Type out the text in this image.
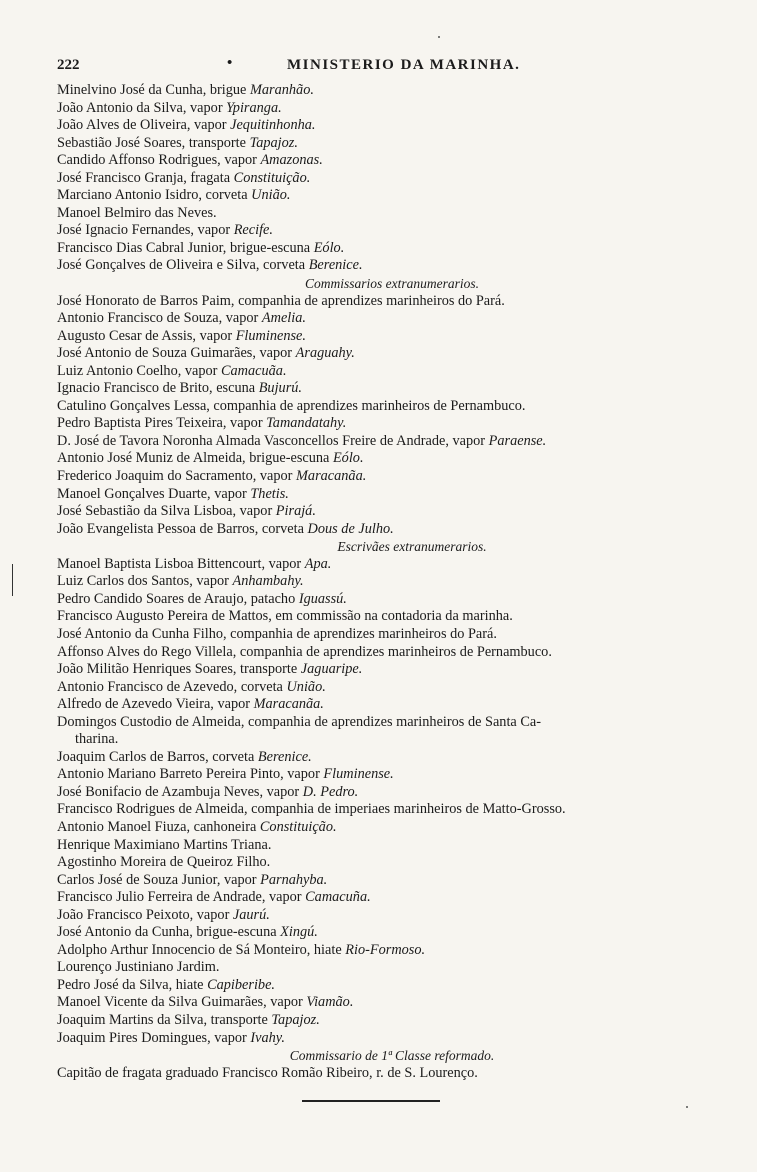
222	•	MINISTERIO DA MARINHA.
Minelvino José da Cunha, brigue Maranhão.
João Antonio da Silva, vapor Ypiranga.
João Alves de Oliveira, vapor Jequitinhonha.
Sebastião José Soares, transporte Tapajoz.
Candido Affonso Rodrigues, vapor Amazonas.
José Francisco Granja, fragata Constituição.
Marciano Antonio Isidro, corveta União.
Manoel Belmiro das Neves.
José Ignacio Fernandes, vapor Recife.
Francisco Dias Cabral Junior, brigue-escuna Eólo.
José Gonçalves de Oliveira e Silva, corveta Berenice.
Commissarios extranumerarios.
José Honorato de Barros Paim, companhia de aprendizes marinheiros do Pará.
Antonio Francisco de Souza, vapor Amelia.
Augusto Cesar de Assis, vapor Fluminense.
José Antonio de Souza Guimarães, vapor Araguahy.
Luiz Antonio Coelho, vapor Camacuãa.
Ignacio Francisco de Brito, escuna Bujurú.
Catulino Gonçalves Lessa, companhia de aprendizes marinheiros de Pernambuco.
Pedro Baptista Pires Teixeira, vapor Tamandatahy.
D. José de Tavora Noronha Almada Vasconcellos Freire de Andrade, vapor Paraense.
Antonio José Muniz de Almeida, brigue-escuna Eólo.
Frederico Joaquim do Sacramento, vapor Maracanãa.
Manoel Gonçalves Duarte, vapor Thetis.
José Sebastião da Silva Lisboa, vapor Pirajá.
João Evangelista Pessoa de Barros, corveta Dous de Julho.
Escrivães extranumerarios.
Manoel Baptista Lisboa Bittencourt, vapor Apa.
Luiz Carlos dos Santos, vapor Anhambahy.
Pedro Candido Soares de Araujo, patacho Iguassú.
Francisco Augusto Pereira de Mattos, em commissão na contadoria da marinha.
José Antonio da Cunha Filho, companhia de aprendizes marinheiros do Pará.
Affonso Alves do Rego Villela, companhia de aprendizes marinheiros de Pernambuco.
João Militão Henriques Soares, transporte Jaguaripe.
Antonio Francisco de Azevedo, corveta União.
Alfredo de Azevedo Vieira, vapor Maracanãa.
Domingos Custodio de Almeida, companhia de aprendizes marinheiros de Santa Ca-
tharina.
Joaquim Carlos de Barros, corveta Berenice.
Antonio Mariano Barreto Pereira Pinto, vapor Fluminense.
José Bonifacio de Azambuja Neves, vapor D. Pedro.
Francisco Rodrigues de Almeida, companhia de imperiaes marinheiros de Matto-Grosso.
Antonio Manoel Fiuza, canhoneira Constituição.
Henrique Maximiano Martins Triana.
Agostinho Moreira de Queiroz Filho.
Carlos José de Souza Junior, vapor Parnahyba.
Francisco Julio Ferreira de Andrade, vapor Camacuña.
João Francisco Peixoto, vapor Jaurú.
José Antonio da Cunha, brigue-escuna Xingú.
Adolpho Arthur Innocencio de Sá Monteiro, hiate Rio-Formoso.
Lourenço Justiniano Jardim.
Pedro José da Silva, hiate Capiberibe.
Manoel Vicente da Silva Guimarães, vapor Viamão.
Joaquim Martins da Silva, transporte Tapajoz.
Joaquim Pires Domingues, vapor Ivahy.
Commissario de 1ª Classe reformado.
Capitão de fragata graduado Francisco Romão Ribeiro, r. de S. Lourenço.
